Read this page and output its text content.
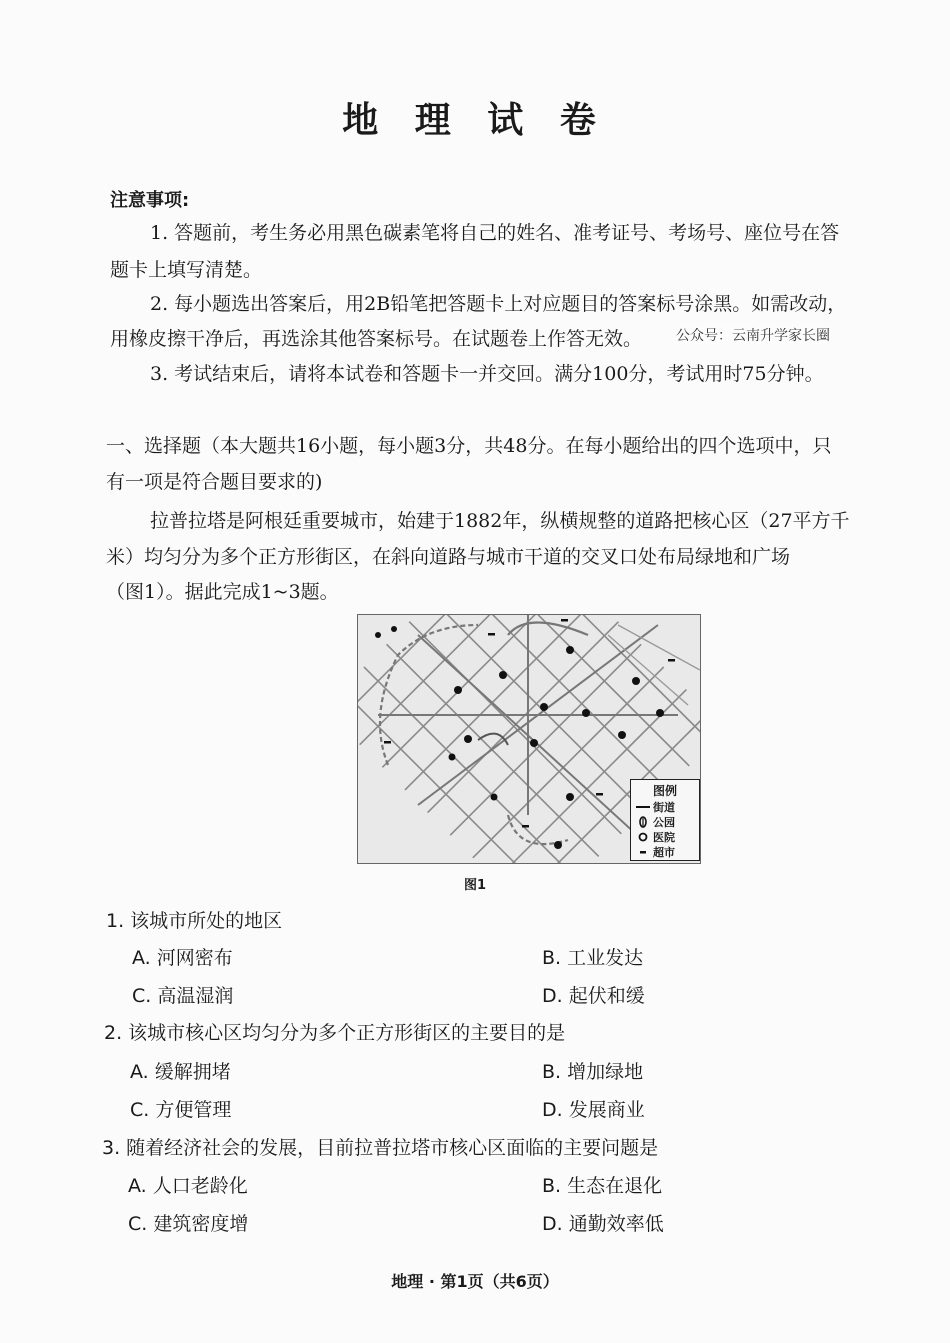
地 理 试 卷
注意事项:
1. 答题前，考生务必用黑色碳素笔将自己的姓名、准考证号、考场号、座位号在答
题卡上填写清楚。
2. 每小题选出答案后，用2B铅笔把答题卡上对应题目的答案标号涂黑。如需改动，
用橡皮擦干净后，再选涂其他答案标号。在试题卷上作答无效。 公众号：云南升学家长圈
3. 考试结束后，请将本试卷和答题卡一并交回。满分100分，考试用时75分钟。
一、选择题（本大题共16小题，每小题3分，共48分。在每小题给出的四个选项中，只
有一项是符合题目要求的)
拉普拉塔是阿根廷重要城市，始建于1882年，纵横规整的道路把核心区（27平方千
米）均匀分为多个正方形街区，在斜向道路与城市干道的交叉口处布局绿地和广场
（图1）。据此完成1~3题。
图例
街道
公园
医院
超市
图1
1. 该城市所处的地区
A. 河网密布	B. 工业发达
C. 高温湿润	D. 起伏和缓
2. 该城市核心区均匀分为多个正方形街区的主要目的是
A. 缓解拥堵	B. 增加绿地
C. 方便管理	D. 发展商业
3. 随着经济社会的发展，目前拉普拉塔市核心区面临的主要问题是
A. 人口老龄化	B. 生态在退化
C. 建筑密度增	D. 通勤效率低
地理 · 第1页（共6页）
